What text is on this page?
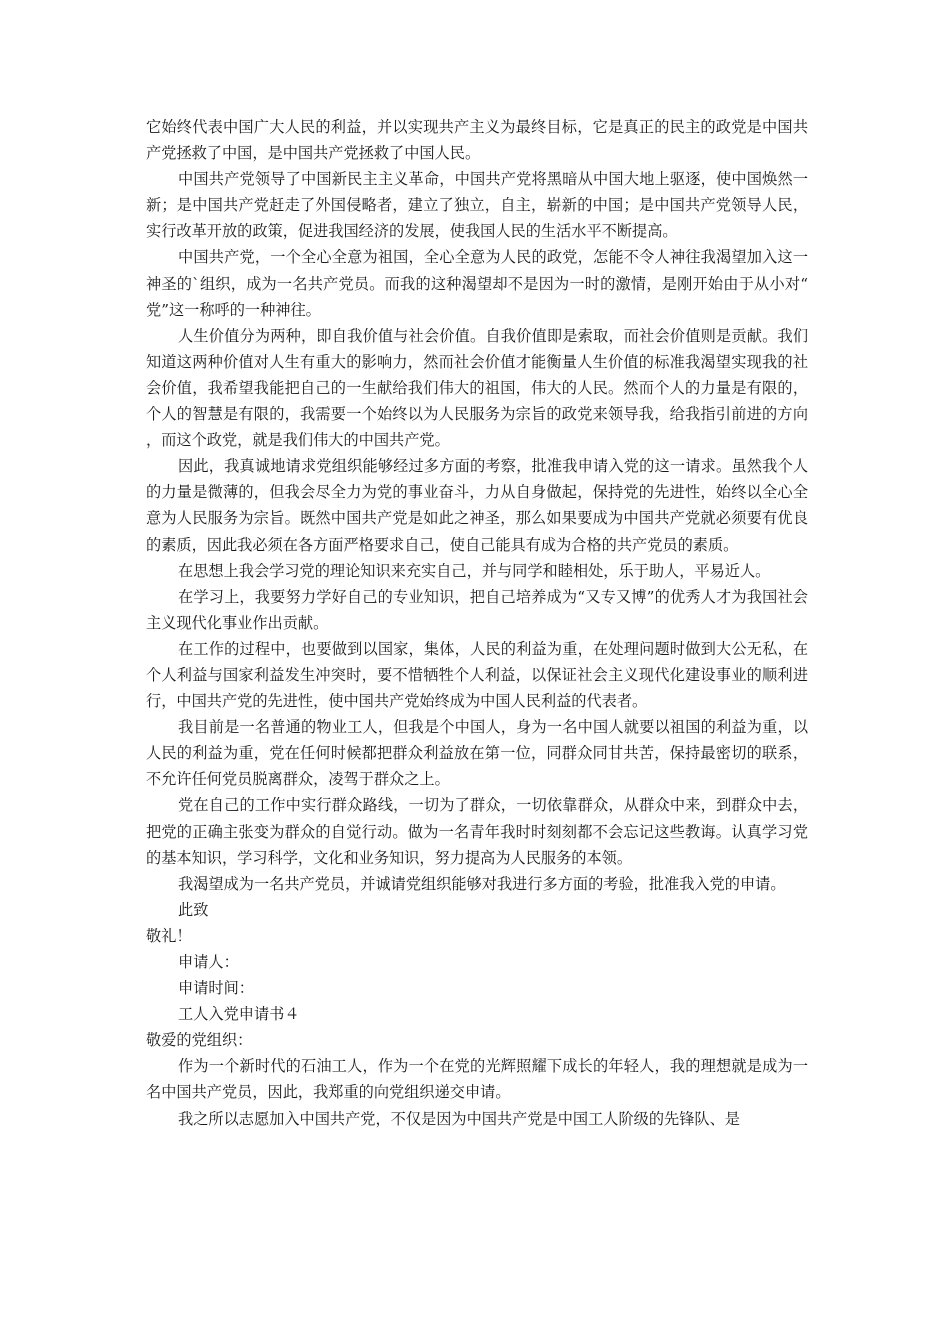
它始终代表中国广大人民的利益，并以实现共产主义为最终目标，它是真正的民主的政党是中国共产党拯救了中国，是中国共产党拯救了中国人民。

中国共产党领导了中国新民主主义革命，中国共产党将黑暗从中国大地上驱逐，使中国焕然一新；是中国共产党赶走了外国侵略者，建立了独立，自主，崭新的中国；是中国共产党领导人民，实行改革开放的政策，促进我国经济的发展，使我国人民的生活水平不断提高。

中国共产党，一个全心全意为祖国，全心全意为人民的政党，怎能不令人神往我渴望加入这一神圣的`组织，成为一名共产党员。而我的这种渴望却不是因为一时的激情，是刚开始由于从小对“党”这一称呼的一种神往。

人生价值分为两种，即自我价值与社会价值。自我价值即是索取，而社会价值则是贡献。我们知道这两种价值对人生有重大的影响力，然而社会价值才能衡量人生价值的标准我渴望实现我的社会价值，我希望我能把自己的一生献给我们伟大的祖国，伟大的人民。然而个人的力量是有限的，个人的智慧是有限的，我需要一个始终以为人民服务为宗旨的政党来领导我，给我指引前进的方向，而这个政党，就是我们伟大的中国共产党。

因此，我真诚地请求党组织能够经过多方面的考察，批准我申请入党的这一请求。虽然我个人的力量是微薄的，但我会尽全力为党的事业奋斗，力从自身做起，保持党的先进性，始终以全心全意为人民服务为宗旨。既然中国共产党是如此之神圣，那么如果要成为中国共产党就必须要有优良的素质，因此我必须在各方面严格要求自己，使自己能具有成为合格的共产党员的素质。

在思想上我会学习党的理论知识来充实自己，并与同学和睦相处，乐于助人，平易近人。

在学习上，我要努力学好自己的专业知识，把自己培养成为“又专又博”的优秀人才为我国社会主义现代化事业作出贡献。

在工作的过程中，也要做到以国家，集体，人民的利益为重，在处理问题时做到大公无私，在个人利益与国家利益发生冲突时，要不惜牺牲个人利益，以保证社会主义现代化建设事业的顺利进行，中国共产党的先进性，使中国共产党始终成为中国人民利益的代表者。

我目前是一名普通的物业工人，但我是个中国人，身为一名中国人就要以祖国的利益为重，以人民的利益为重，党在任何时候都把群众利益放在第一位，同群众同甘共苦，保持最密切的联系，不允许任何党员脱离群众，凌驾于群众之上。

党在自己的工作中实行群众路线，一切为了群众，一切依靠群众，从群众中来，到群众中去，把党的正确主张变为群众的自觉行动。做为一名青年我时时刻刻都不会忘记这些教诲。认真学习党的基本知识，学习科学，文化和业务知识，努力提高为人民服务的本领。

我渴望成为一名共产党员，并诚请党组织能够对我进行多方面的考验，批准我入党的申请。

此致

敬礼！

申请人：

申请时间：

工人入党申请书４

敬爱的党组织：

作为一个新时代的石油工人，作为一个在党的光辉照耀下成长的年轻人，我的理想就是成为一名中国共产党员，因此，我郑重的向党组织递交申请。

我之所以志愿加入中国共产党，不仅是因为中国共产党是中国工人阶级的先锋队、是
